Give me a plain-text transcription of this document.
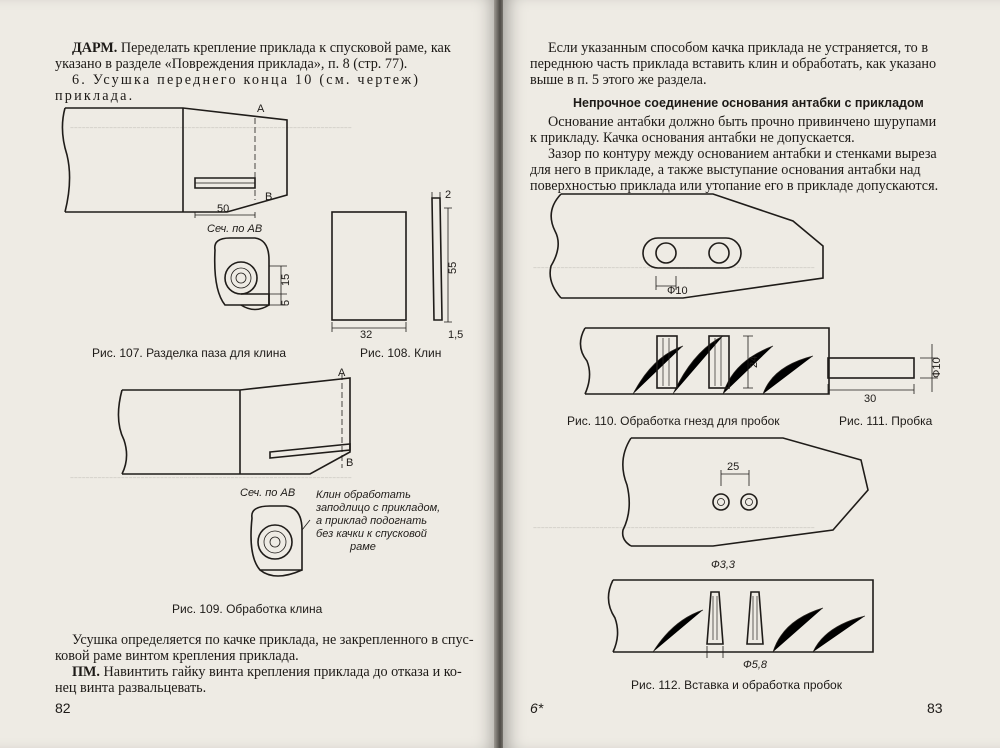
╌╌╌╌╌╌╌╌╌╌╌╌╌╌╌╌╌╌╌╌╌╌╌╌╌╌╌╌╌╌╌╌╌╌╌╌
╌╌╌╌╌╌╌╌╌╌╌╌╌╌╌╌╌╌╌╌╌╌╌╌╌╌╌╌╌╌╌╌╌╌╌╌
ДАРМ. Переделать крепление приклада к спусковой раме, как
указано в разделе «Повреждения приклада», п. 8 (стр. 77).
6. Усушка переднего конца 10 (см. чертеж)
приклада.
А
В
50
Сеч. по АВ
15
5
32
2
55
1,5
Рис. 107. Разделка паза для клина	Рис. 108. Клин
А
В
Сеч. по АВ Клин обработать
заподлицо с прикладом,
а приклад подогнать
без качки к спусковой
раме
Рис. 109. Обработка клина
Усушка определяется по качке приклада, не закрепленного в спус-
ковой раме винтом крепления приклада.
ПМ. Навинтить гайку винта крепления приклада до отказа и ко-
нец винта развальцевать.
82
╌╌╌╌╌╌╌╌╌╌╌╌╌╌╌╌╌╌╌╌╌╌╌╌╌╌╌╌╌╌╌╌╌╌╌╌
╌╌╌╌╌╌╌╌╌╌╌╌╌╌╌╌╌╌╌╌╌╌╌╌╌╌╌╌╌╌╌╌╌╌╌╌
Если указанным способом качка приклада не устраняется, то в
переднюю часть приклада вставить клин и обработать, как указано
выше в п. 5 этого же раздела.
Непрочное соединение основания антабки с прикладом
Основание антабки должно быть прочно привинчено шурупами
к прикладу. Качка основания антабки не допускается.
Зазор по контуру между основанием антабки и стенками выреза
для него в прикладе, а также выступание основания антабки над
поверхностью приклада или утопание его в прикладе допускаются.
Ф10
24
30
Ф10
Рис. 110. Обработка гнезд для пробок	Рис. 111. Пробка
25
Ф3,3
Ф5,8
Рис. 112. Вставка и обработка пробок
6*	83
